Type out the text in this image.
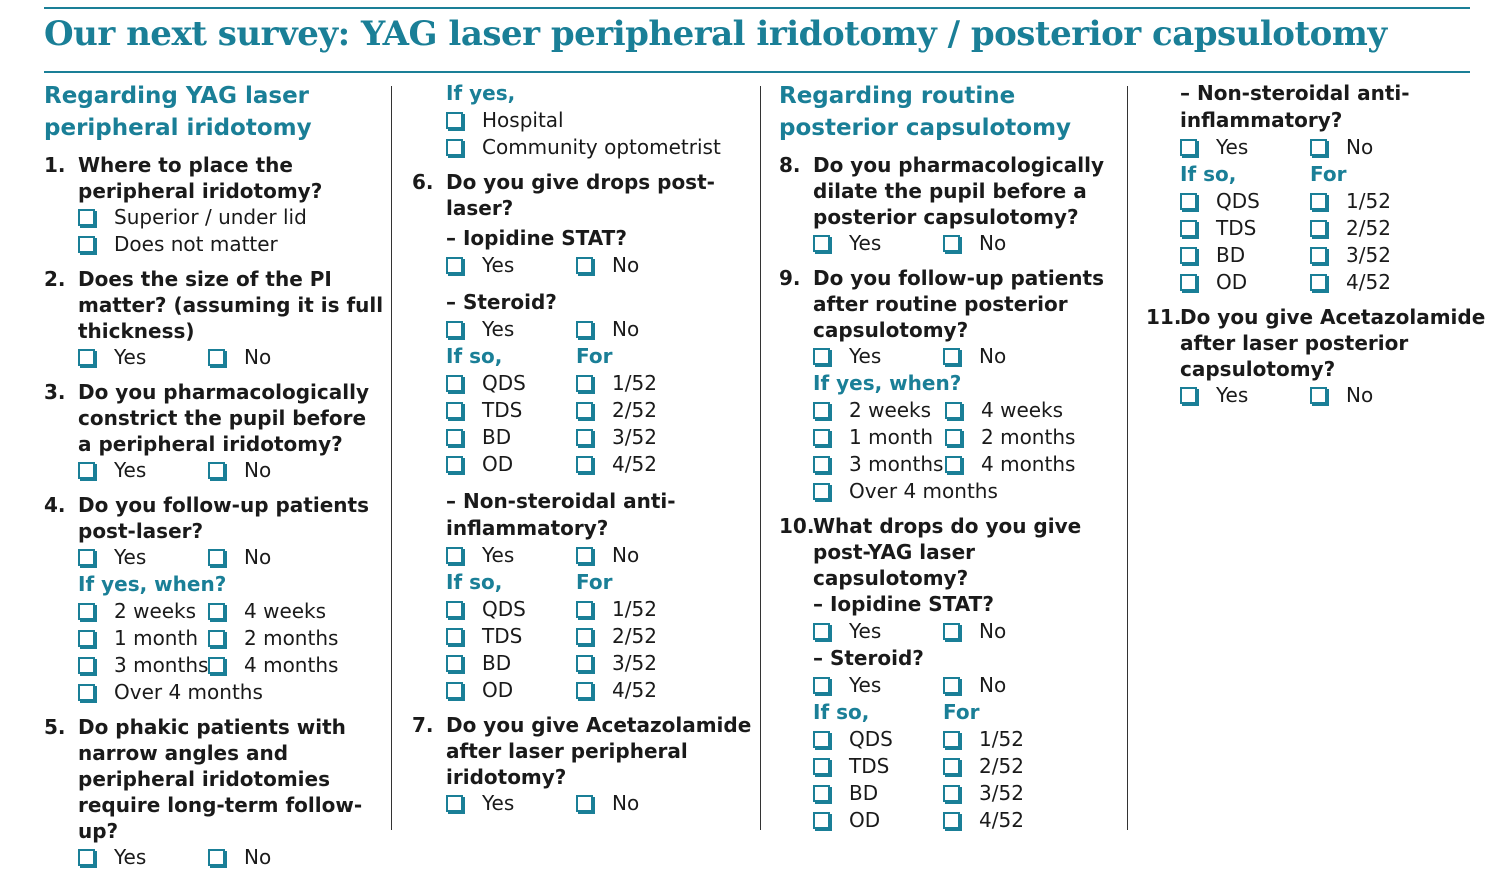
Our next survey: YAG laser peripheral iridotomy / posterior capsulotomy
Regarding YAG laser peripheral iridotomy
1. Where to place the peripheral iridotomy?
Superior / under lid
Does not matter
2. Does the size of the PI matter? (assuming it is full thickness)
Yes	No
3. Do you pharmacologically constrict the pupil before a peripheral iridotomy?
Yes	No
4. Do you follow-up patients post-laser?
Yes	No
If yes, when?
2 weeks 4 weeks
1 month 2 months
3 months 4 months
Over 4 months
5. Do phakic patients with narrow angles and peripheral iridotomies require long-term follow-up?
Yes	No
If yes,
Hospital
Community optometrist
6. Do you give drops post-laser?
– Iopidine STAT?
Yes	No
– Steroid?
Yes	No
If so,	For
QDS	1/52
TDS	2/52
BD	3/52
OD	4/52
– Non-steroidal anti-inflammatory?
Yes	No
If so,	For
QDS	1/52
TDS	2/52
BD	3/52
OD	4/52
7. Do you give Acetazolamide after laser peripheral iridotomy?
Yes	No
Regarding routine posterior capsulotomy
8. Do you pharmacologically dilate the pupil before a posterior capsulotomy?
Yes	No
9. Do you follow-up patients after routine posterior capsulotomy?
Yes	No
If yes, when?
2 weeks 4 weeks
1 month 2 months
3 months 4 months
Over 4 months
10.
What drops do you give post-YAG laser capsulotomy?
– Iopidine STAT?
Yes	No
– Steroid?
Yes	No
If so,	For
QDS	1/52
TDS	2/52
BD	3/52
OD	4/52
– Non-steroidal anti-inflammatory?
Yes	No
If so,	For
QDS	1/52
TDS	2/52
BD	3/52
OD	4/52
11.
Do you give Acetazolamide after laser posterior capsulotomy?
Yes	No
